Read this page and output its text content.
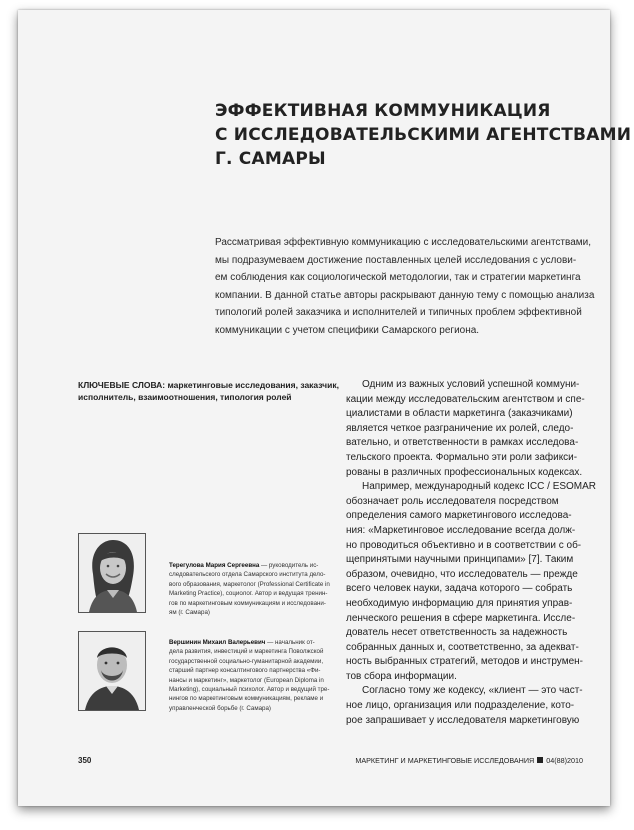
ЭФФЕКТИВНАЯ КОММУНИКАЦИЯ
С ИССЛЕДОВАТЕЛЬСКИМИ АГЕНТСТВАМИ
Г. САМАРЫ
Рассматривая эффективную коммуникацию с исследовательскими агентствами,
мы подразумеваем достижение поставленных целей исследования с услови-
ем соблюдения как социологической методологии, так и стратегии маркетинга
компании. В данной статье авторы раскрывают данную тему с помощью анализа
типологий ролей заказчика и исполнителей и типичных проблем эффективной
коммуникации с учетом специфики Самарского региона.
КЛЮЧЕВЫЕ СЛОВА: маркетинговые исследования, заказчик,
исполнитель, взаимоотношения, типология ролей
Одним из важных условий успешной коммуни-
кации между исследовательским агентством и спе-
циалистами в области маркетинга (заказчиками)
является четкое разграничение их ролей, следо-
вательно, и ответственности в рамках исследова-
тельского проекта. Формально эти роли зафикси-
рованы в различных профессиональных кодексах.
Например, международный кодекс ICC / ESOMAR
обозначает роль исследователя посредством
определения самого маркетингового исследова-
ния: «Маркетинговое исследование всегда долж-
но проводиться объективно и в соответствии с об-
щепринятыми научными принципами» [7]. Таким
образом, очевидно, что исследователь — прежде
всего человек науки, задача которого — собрать
необходимую информацию для принятия управ-
ленческого решения в сфере маркетинга. Иссле-
дователь несет ответственность за надежность
собранных данных и, соответственно, за адекват-
ность выбранных стратегий, методов и инструмен-
тов сбора информации.
Согласно тому же кодексу, «клиент — это част-
ное лицо, организация или подразделение, кото-
рое запрашивает у исследователя маркетинговую
Терегулова Мария Сергеевна — руководитель ис-
следовательского отдела Самарского института дело-
вого образования, маркетолог (Professional Certificate in
Marketing Practice), социолог. Автор и ведущая тренин-
гов по маркетинговым коммуникациям и исследовани-
ям (г. Самара)
Вершинин Михаил Валерьевич — начальник от-
дела развития, инвестиций и маркетинга Поволжской
государственной социально-гуманитарной академии,
старший партнер консалтингового партнерства «Фи-
нансы и маркетинг», маркетолог (European Diploma in
Marketing), социальный психолог. Автор и ведущий тре-
нингов по маркетинговым коммуникациям, рекламе и
управленческой борьбе (г. Самара)
350	МАРКЕТИНГ И МАРКЕТИНГОВЫЕ ИССЛЕДОВАНИЯ 04(88)2010
